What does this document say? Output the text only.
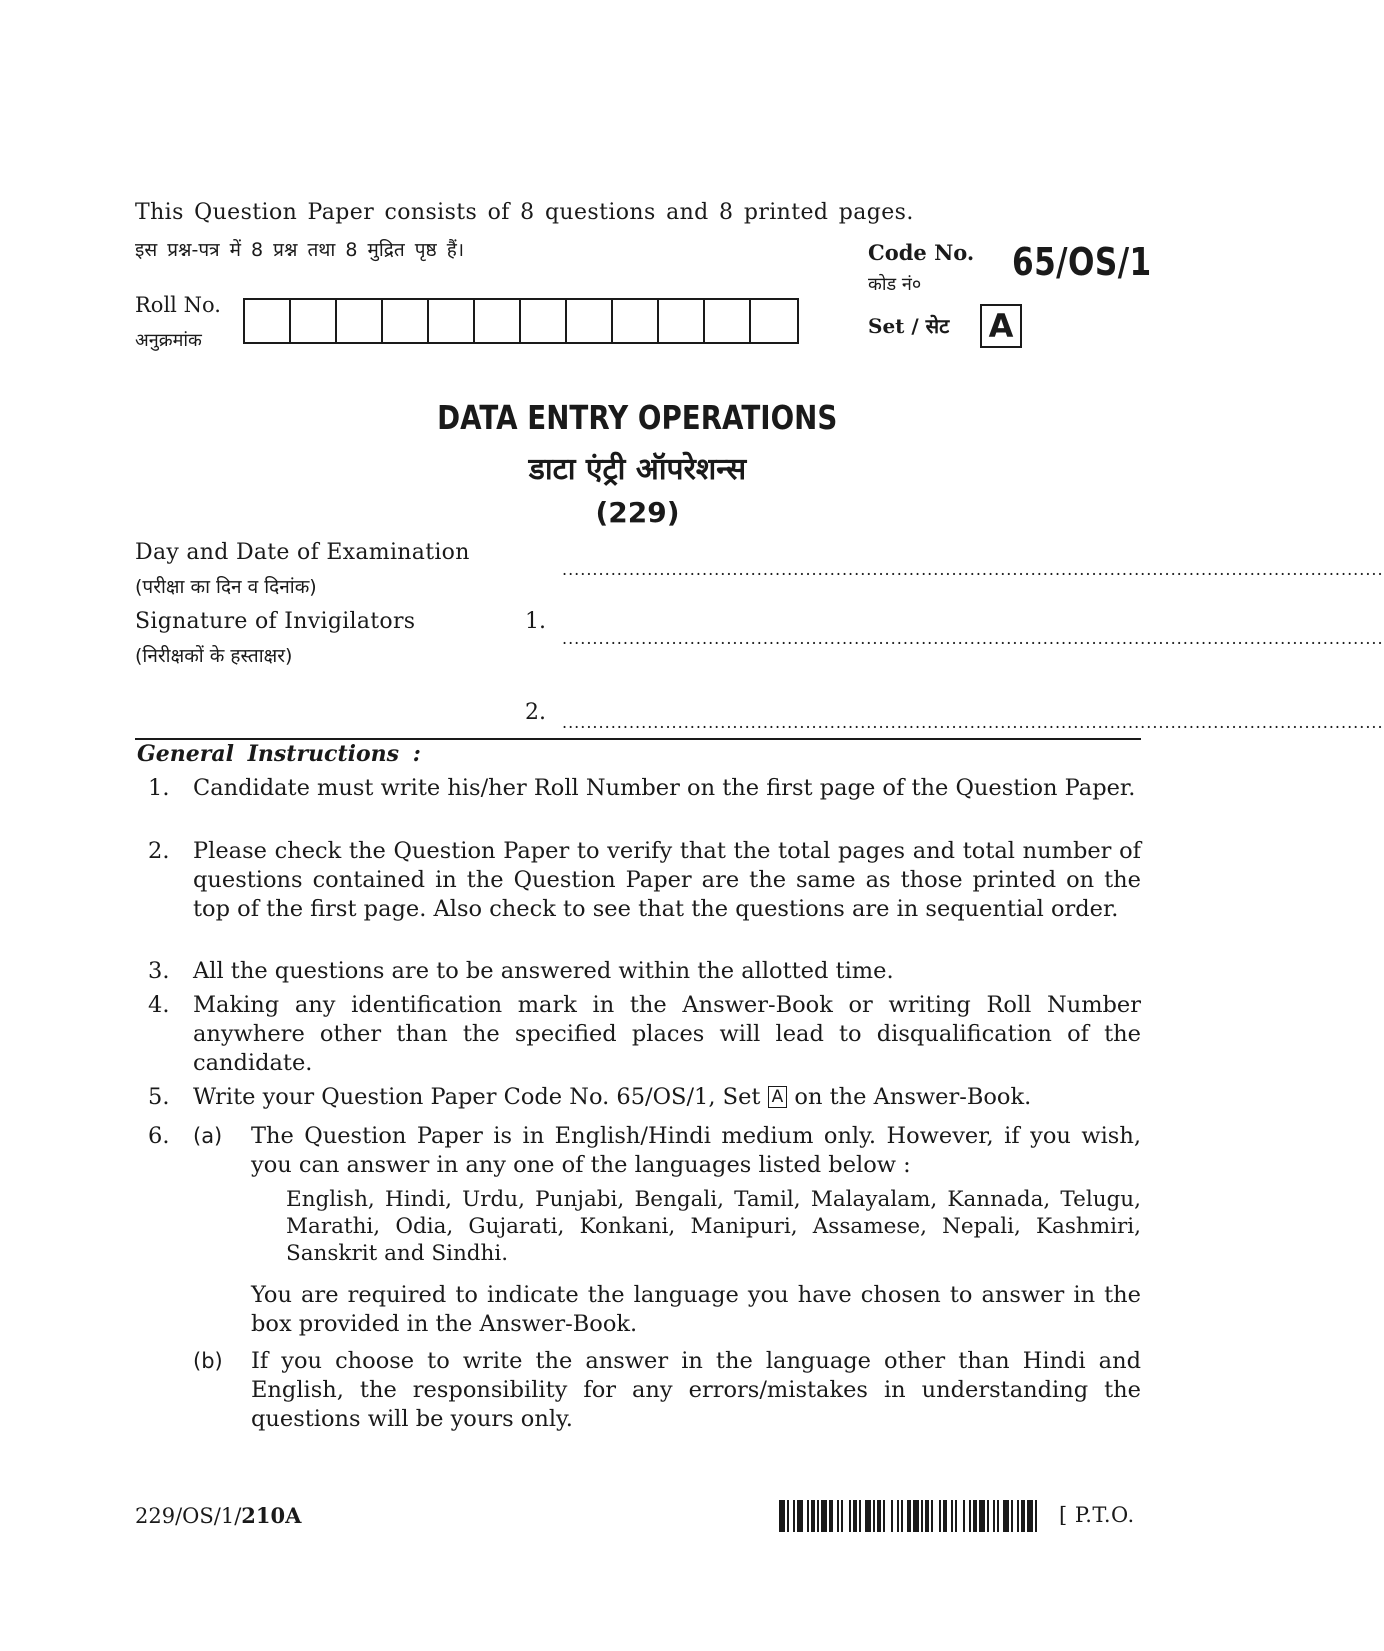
This Question Paper consists of 8 questions and 8 printed pages.
इस प्रश्न-पत्र में 8 प्रश्न तथा 8 मुद्रित पृष्ठ हैं।	Code No.
कोड नं०
65/OS/1
Set / सेट A
Roll No.
अनुक्रमांक
DATA ENTRY OPERATIONS
डाटा एंट्री ऑपरेशन्स
(229)
Day and Date of Examination
(परीक्षा का दिन व दिनांक)
.......................................................................................................................................
Signature of Invigilators
(निरीक्षकों के हस्ताक्षर)
1.
.......................................................................................................................................
2. .......................................................................................................................................
General Instructions :
1. Candidate must write his/her Roll Number on the first page of the Question Paper.
2. Please check the Question Paper to verify that the total pages and total number of questions contained in the Question Paper are the same as those printed on the top of the first page. Also check to see that the questions are in sequential order.
3. All the questions are to be answered within the allotted time.
4. Making any identification mark in the Answer-Book or writing Roll Number anywhere other than the specified places will lead to disqualification of the candidate.
5. Write your Question Paper Code No. 65/OS/1, Set A on the Answer-Book.
6. (a) The Question Paper is in English/Hindi medium only. However, if you wish, you can answer in any one of the languages listed below :
English, Hindi, Urdu, Punjabi, Bengali, Tamil, Malayalam, Kannada, Telugu, Marathi, Odia, Gujarati, Konkani, Manipuri, Assamese, Nepali, Kashmiri, Sanskrit and Sindhi.
You are required to indicate the language you have chosen to answer in the box provided in the Answer-Book.
(b) If you choose to write the answer in the language other than Hindi and English, the responsibility for any errors/mistakes in understanding the questions will be yours only.
229/OS/1/210A	[ P.T.O.
